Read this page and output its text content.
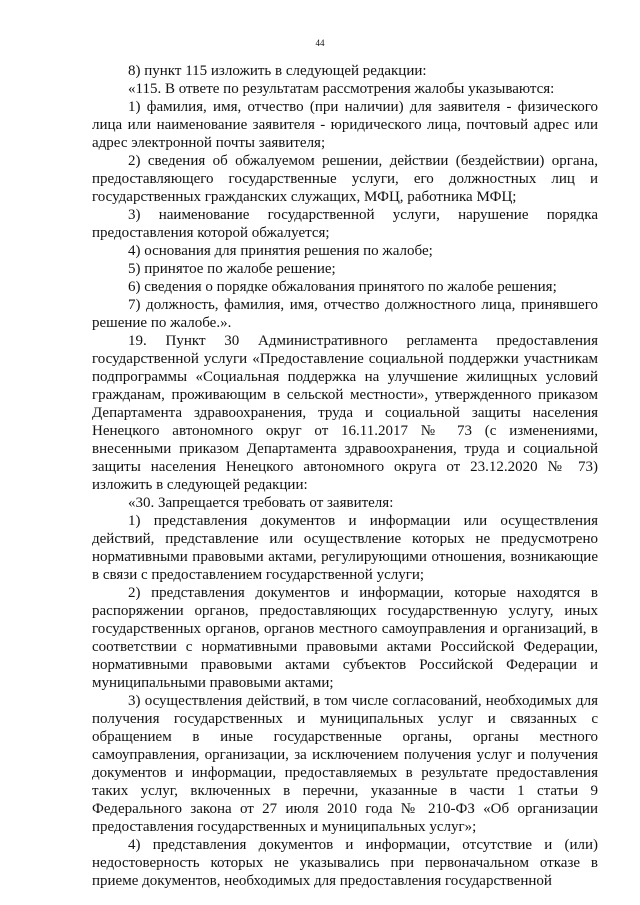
44

8) пункт 115 изложить в следующей редакции:

«115. В ответе по результатам рассмотрения жалобы указываются:

1) фамилия, имя, отчество (при наличии) для заявителя - физического лица или наименование заявителя - юридического лица, почтовый адрес или адрес электронной почты заявителя;

2) сведения об обжалуемом решении, действии (бездействии) органа, предоставляющего государственные услуги, его должностных лиц и государственных гражданских служащих, МФЦ, работника МФЦ;

3) наименование государственной услуги, нарушение порядка предоставления которой обжалуется;

4) основания для принятия решения по жалобе;

5) принятое по жалобе решение;

6) сведения о порядке обжалования принятого по жалобе решения;

7) должность, фамилия, имя, отчество должностного лица, принявшего решение по жалобе.».

19. Пункт 30 Административного регламента предоставления государственной услуги «Предоставление социальной поддержки участникам подпрограммы «Социальная поддержка на улучшение жилищных условий гражданам, проживающим в сельской местности», утвержденного приказом Департамента здравоохранения, труда и социальной защиты населения Ненецкого автономного округ от 16.11.2017 № 73 (с изменениями, внесенными приказом Департамента здравоохранения, труда и социальной защиты населения Ненецкого автономного округа от 23.12.2020 № 73) изложить в следующей редакции:

«30. Запрещается требовать от заявителя:

1) представления документов и информации или осуществления действий, представление или осуществление которых не предусмотрено нормативными правовыми актами, регулирующими отношения, возникающие в связи с предоставлением государственной услуги;

2) представления документов и информации, которые находятся в распоряжении органов, предоставляющих государственную услугу, иных государственных органов, органов местного самоуправления и организаций, в соответствии с нормативными правовыми актами Российской Федерации, нормативными правовыми актами субъектов Российской Федерации и муниципальными правовыми актами;

3) осуществления действий, в том числе согласований, необходимых для получения государственных и муниципальных услуг и связанных с обращением в иные государственные органы, органы местного самоуправления, организации, за исключением получения услуг и получения документов и информации, предоставляемых в результате предоставления таких услуг, включенных в перечни, указанные в части 1 статьи 9 Федерального закона от 27 июля 2010 года № 210-ФЗ «Об организации предоставления государственных и муниципальных услуг»;

4) представления документов и информации, отсутствие и (или) недостоверность которых не указывались при первоначальном отказе в приеме документов, необходимых для предоставления государственной
